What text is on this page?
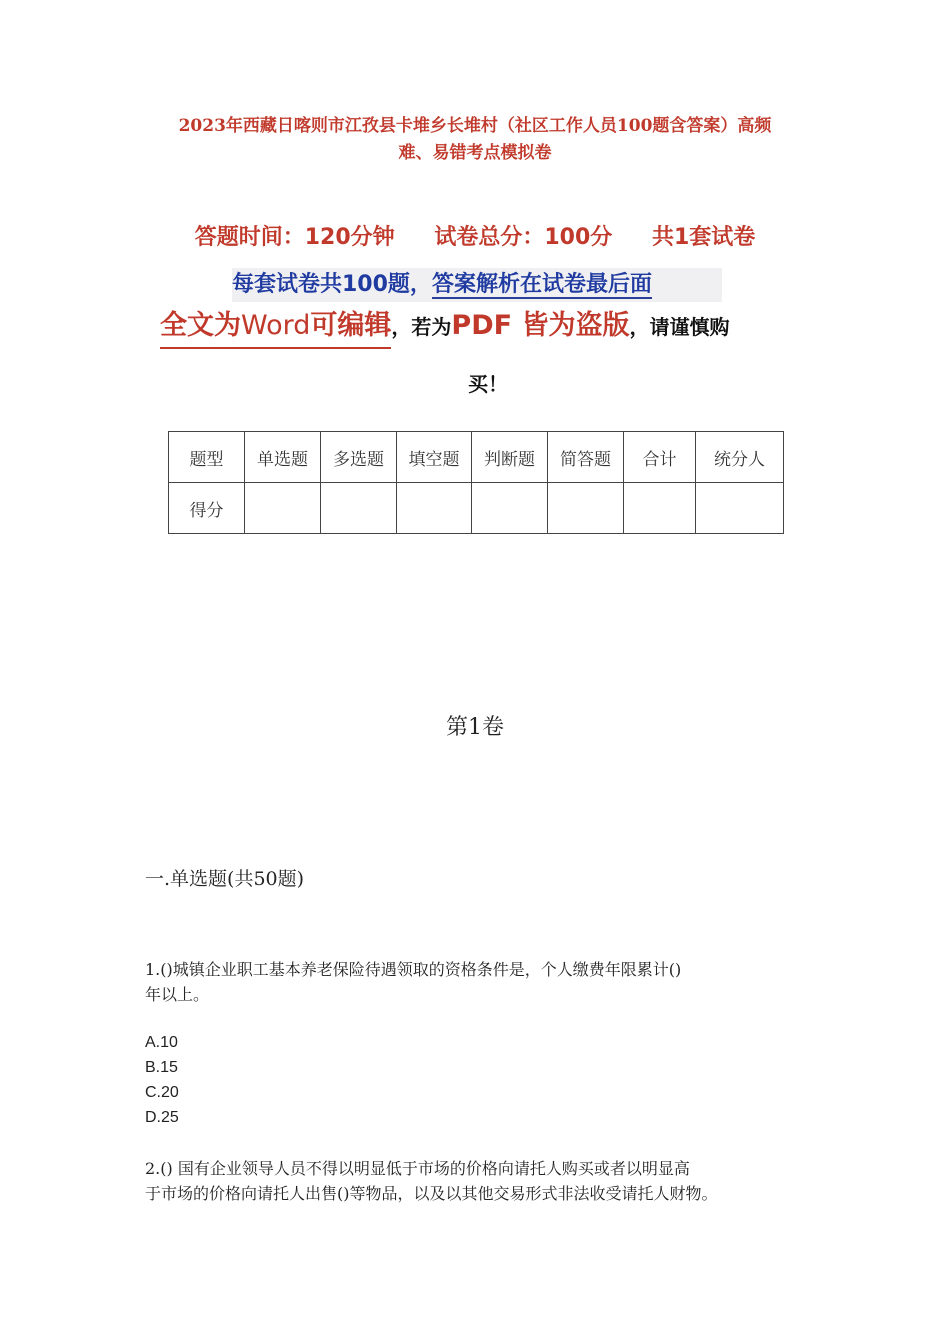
2023年西藏日喀则市江孜县卡堆乡长堆村（社区工作人员100题含答案）高频
难、易错考点模拟卷
答题时间：120分钟 试卷总分：100分 共1套试卷
每套试卷共100题，答案解析在试卷最后面
全文为Word可编辑，若为PDF 皆为盗版，请谨慎购
买！
题型	单选题	多选题	填空题	判断题	简答题	合计	统分人
得分							
第1卷
一.单选题(共50题)
1.()城镇企业职工基本养老保险待遇领取的资格条件是，个人缴费年限累计()
年以上。
A.10
B.15
C.20
D.25
2.() 国有企业领导人员不得以明显低于市场的价格向请托人购买或者以明显高
于市场的价格向请托人出售()等物品，以及以其他交易形式非法收受请托人财物。
